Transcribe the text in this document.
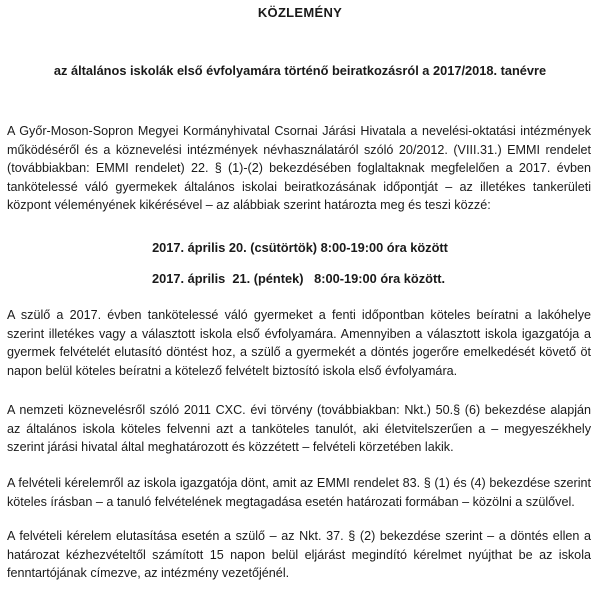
KÖZLEMÉNY
az általános iskolák első évfolyamára történő beiratkozásról a 2017/2018. tanévre

A Győr-Moson-Sopron Megyei Kormányhivatal Csornai Járási Hivatala a nevelési-oktatási intézmények működéséről és a köznevelési intézmények névhasználatáról szóló 20/2012. (VIII.31.) EMMI rendelet (továbbiakban: EMMI rendelet) 22. § (1)-(2) bekezdésében foglaltaknak megfelelően a 2017. évben tankötelessé váló gyermekek általános iskolai beiratkozásának időpontját – az illetékes tankerületi központ véleményének kikérésével – az alábbiak szerint határozta meg és teszi közzé:

2017. április 20. (csütörtök) 8:00-19:00 óra között
2017. április  21. (péntek)   8:00-19:00 óra között.

A szülő a 2017. évben tankötelessé váló gyermeket a fenti időpontban köteles beíratni a lakóhelye szerint illetékes vagy a választott iskola első évfolyamára. Amennyiben a választott iskola igazgatója a gyermek felvételét elutasító döntést hoz, a szülő a gyermekét a döntés jogerőre emelkedését követő öt napon belül köteles beíratni a kötelező felvételt biztosító iskola első évfolyamára.

A nemzeti köznevelésről szóló 2011 CXC. évi törvény (továbbiakban: Nkt.) 50.§ (6) bekezdése alapján az általános iskola köteles felvenni azt a tanköteles tanulót, aki életvitelszerűen a – megyeszékhely szerint járási hivatal által meghatározott és közzétett – felvételi körzetében lakik.

A felvételi kérelemről az iskola igazgatója dönt, amit az EMMI rendelet 83. § (1) és (4) bekezdése szerint köteles írásban – a tanuló felvételének megtagadása esetén határozati formában – közölni a szülővel.

A felvételi kérelem elutasítása esetén a szülő – az Nkt. 37. § (2) bekezdése szerint – a döntés ellen a határozat kézhezvételtől számított 15 napon belül eljárást megindító kérelmet nyújthat be az iskola fenntartójának címezve, az intézmény vezetőjénél.
